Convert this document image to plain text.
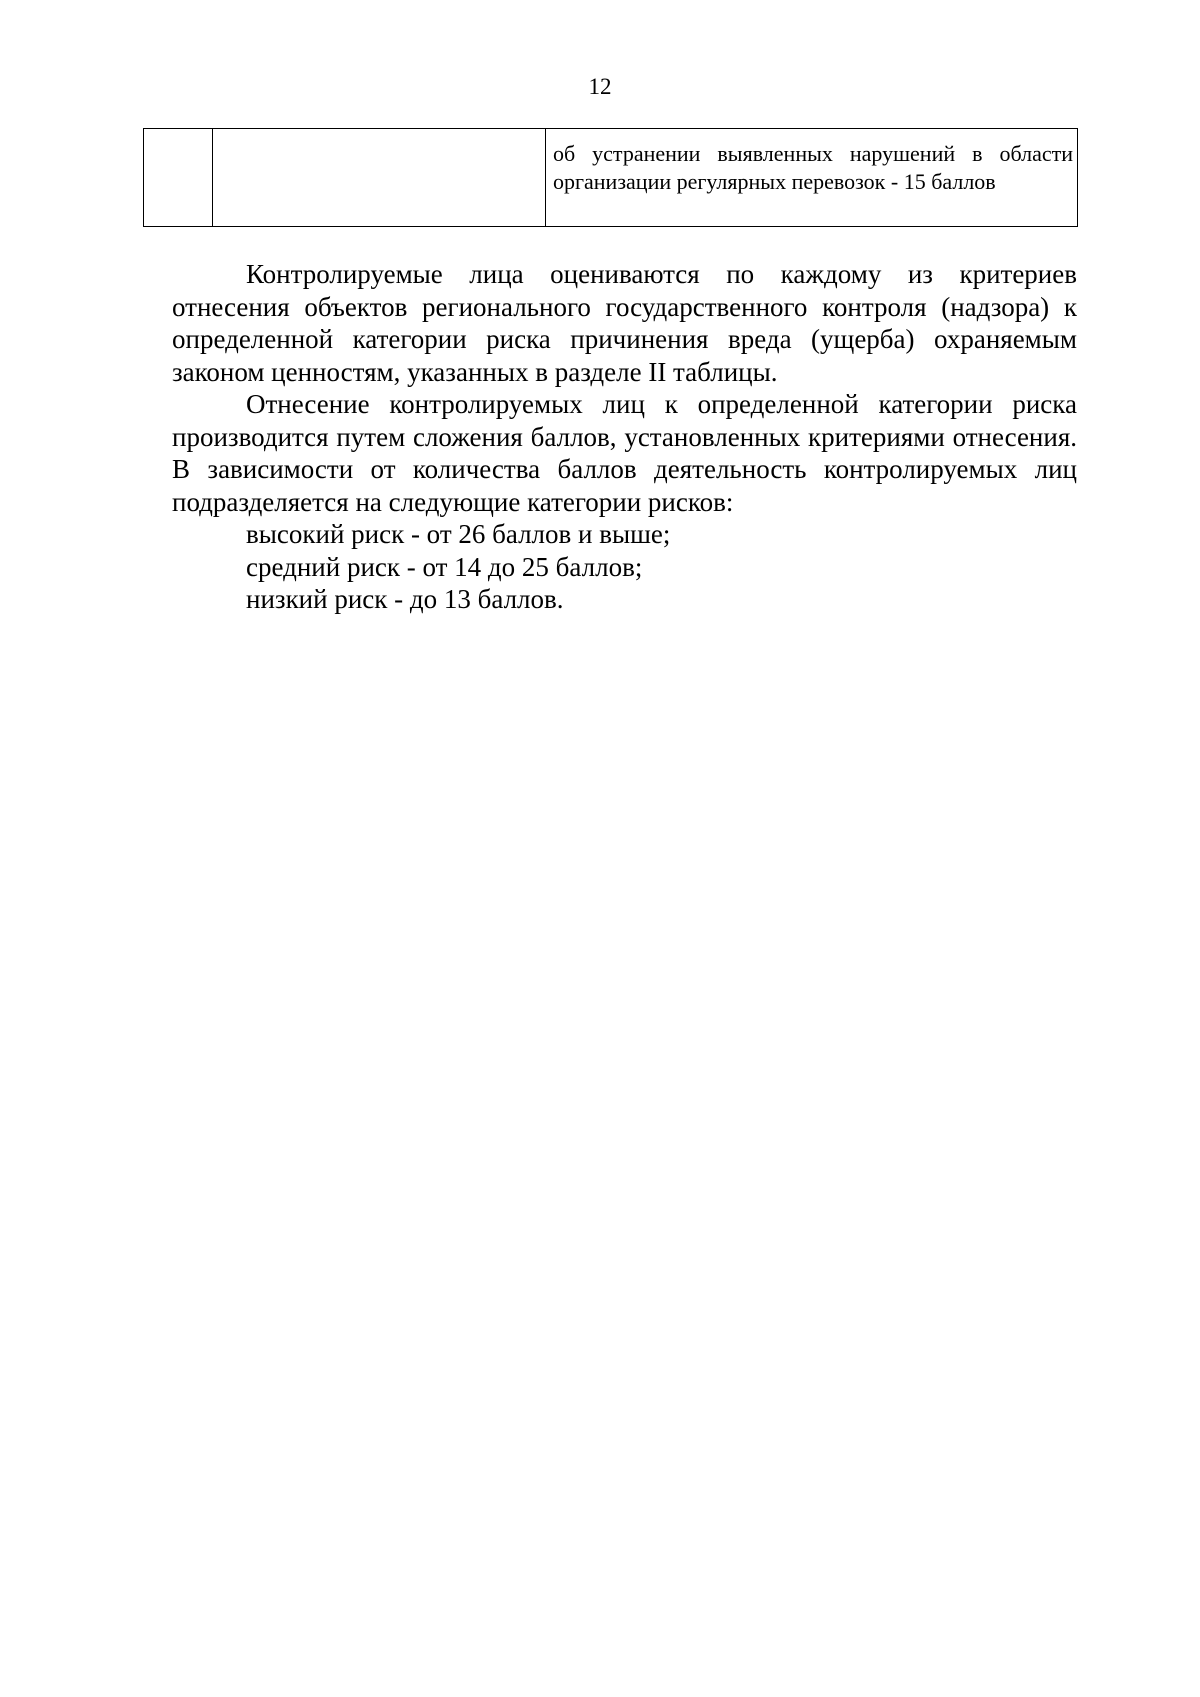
12

об устранении выявленных нарушений в области
организации регулярных перевозок - 15 баллов

Контролируемые лица оцениваются по каждому из критериев отнесения объектов регионального государственного контроля (надзора) к определенной категории риска причинения вреда (ущерба) охраняемым законом ценностям, указанных в разделе II таблицы.

Отнесение контролируемых лиц к определенной категории риска производится путем сложения баллов, установленных критериями отнесения. В зависимости от количества баллов деятельность контролируемых лиц подразделяется на следующие категории рисков:

высокий риск - от 26 баллов и выше;

средний риск - от 14 до 25 баллов;

низкий риск - до 13 баллов.
